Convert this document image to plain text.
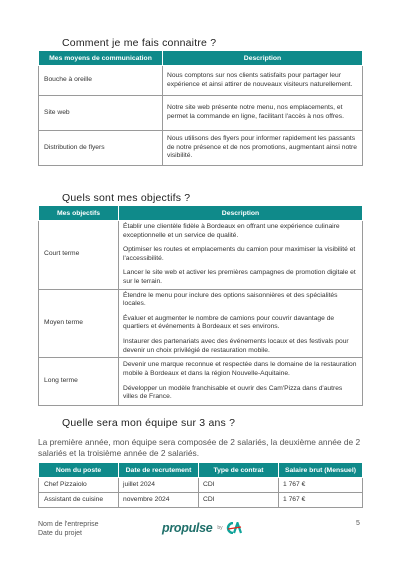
Comment je me fais connaitre ?
Mes moyens de communication	Description
Bouche à oreille	Nous comptons sur nos clients satisfaits pour partager leur expérience et ainsi attirer de nouveaux visiteurs naturellement.
Site web	Notre site web présente notre menu, nos emplacements, et permet la commande en ligne, facilitant l'accès à nos offres.
Distribution de flyers	Nous utilisons des flyers pour informer rapidement les passants de notre présence et de nos promotions, augmentant ainsi notre visibilité.
Quels sont mes objectifs ?
Mes objectifs	Description
Court terme	Établir une clientèle fidèle à Bordeaux en offrant une expérience culinaire exceptionnelle et un service de qualité.

Optimiser les routes et emplacements du camion pour maximiser la visibilité et l'accessibilité.

Lancer le site web et activer les premières campagnes de promotion digitale et sur le terrain.

Moyen terme	Étendre le menu pour inclure des options saisonnières et des spécialités locales.

Évaluer et augmenter le nombre de camions pour couvrir davantage de quartiers et événements à Bordeaux et ses environs.

Instaurer des partenariats avec des événements locaux et des festivals pour devenir un choix privilégié de restauration mobile.

Long terme	Devenir une marque reconnue et respectée dans le domaine de la restauration mobile à Bordeaux et dans la région Nouvelle-Aquitaine.

Développer un modèle franchisable et ouvrir des Cam'Pizza dans d'autres villes de France.

Quelle sera mon équipe sur 3 ans ?
La première année, mon équipe sera composée de 2 salariés, la deuxième année de 2 salariés et la troisième année de 2 salariés.
Nom du poste	Date de recrutement	Type de contrat	Salaire brut (Mensuel)
Chef Pizzaiolo	juillet 2024	CDI	1 767 €
Assistant de cuisine	novembre 2024	CDI	1 767 €
Nom de l'entreprise
Date du projet	propulse by
5
